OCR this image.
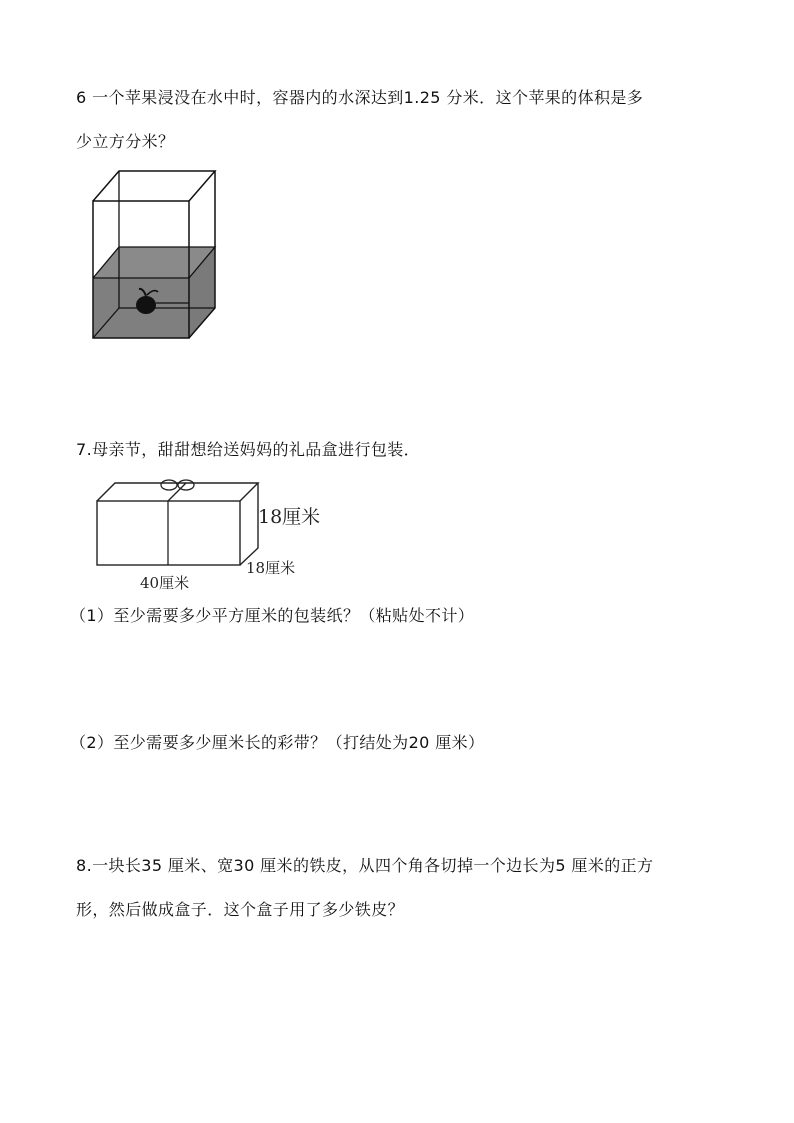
6 一个苹果浸没在水中时，容器内的水深达到1.25 分米．这个苹果的体积是多
少立方分米？
7.母亲节，甜甜想给送妈妈的礼品盒进行包装．
18厘米
18厘米
40厘米
（1）至少需要多少平方厘米的包装纸？（粘贴处不计）
（2）至少需要多少厘米长的彩带？（打结处为20 厘米）
8.一块长35 厘米、宽30 厘米的铁皮，从四个角各切掉一个边长为5 厘米的正方
形，然后做成盒子．这个盒子用了多少铁皮？
